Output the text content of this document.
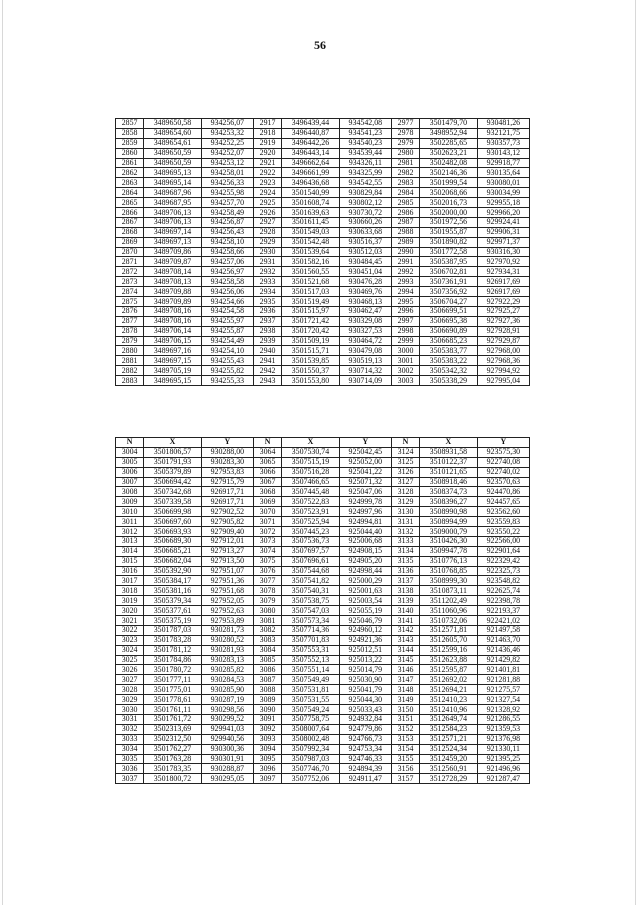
56
2857	3489650,58	934256,07	2917	3496439,44	934542,08	2977	3501479,70	930481,26
2858	3489654,60	934253,32	2918	3496440,87	934541,23	2978	3498952,94	932121,75
2859	3489654,61	934252,25	2919	3496442,26	934540,23	2979	3502285,65	930357,73
2860	3489650,59	934252,07	2920	3496443,14	934539,44	2980	3502623,21	930143,12
2861	3489650,59	934253,12	2921	3496662,64	934326,11	2981	3502482,08	929918,77
2862	3489695,13	934258,01	2922	3496661,99	934325,99	2982	3502146,36	930135,64
2863	3489695,14	934256,33	2923	3496436,68	934542,55	2983	3501999,54	930080,01
2864	3489687,96	934255,98	2924	3501540,99	930829,84	2984	3502068,66	930034,99
2865	3489687,95	934257,70	2925	3501608,74	930802,12	2985	3502016,73	929955,18
2866	3489706,13	934258,49	2926	3501639,63	930730,72	2986	3502000,00	929966,20
2867	3489706,13	934256,87	2927	3501611,45	930660,26	2987	3501972,56	929924,41
2868	3489697,14	934256,43	2928	3501549,03	930633,68	2988	3501955,87	929906,31
2869	3489697,13	934258,10	2929	3501542,48	930516,37	2989	3501890,82	929971,37
2870	3489709,86	934258,66	2930	3501539,64	930512,03	2990	3501772,58	930316,30
2871	3489709,87	934257,06	2931	3501582,16	930484,45	2991	3505387,95	927970,92
2872	3489708,14	934256,97	2932	3501560,55	930451,04	2992	3506702,81	927934,31
2873	3489708,13	934258,58	2933	3501521,68	930476,28	2993	3507361,91	926917,69
2874	3489709,88	934256,06	2934	3501517,03	930469,76	2994	3507356,92	926917,69
2875	3489709,89	934254,66	2935	3501519,49	930468,13	2995	3506704,27	927922,29
2876	3489708,16	934254,58	2936	3501515,97	930462,47	2996	3506699,51	927925,27
2877	3489708,16	934255,97	2937	3501721,42	930329,08	2997	3506695,38	927927,36
2878	3489706,14	934255,87	2938	3501720,42	930327,53	2998	3506690,89	927928,91
2879	3489706,15	934254,49	2939	3501509,19	930464,72	2999	3506685,23	927929,87
2880	3489697,16	934254,10	2940	3501515,71	930479,08	3000	3505383,77	927968,00
2881	3489697,15	934255,43	2941	3501539,85	930519,13	3001	3505383,22	927968,36
2882	3489705,19	934255,82	2942	3501550,37	930714,32	3002	3505342,32	927994,92
2883	3489695,15	934255,33	2943	3501553,80	930714,09	3003	3505338,29	927995,04
N	X	Y	N	X	Y	N	X	Y
3004	3501806,57	930288,00	3064	3507530,74	925042,45	3124	3508931,58	923575,30
3005	3501791,93	930283,30	3065	3507515,19	925052,00	3125	3510122,37	922740,08
3006	3505379,89	927953,83	3066	3507516,28	925041,22	3126	3510121,65	922740,02
3007	3506694,42	927915,79	3067	3507466,65	925071,32	3127	3508918,46	923570,63
3008	3507342,68	926917,71	3068	3507445,48	925047,06	3128	3508374,73	924470,86
3009	3507339,58	926917,71	3069	3507522,83	924999,78	3129	3508396,27	924457,65
3010	3506699,98	927902,52	3070	3507523,91	924997,96	3130	3508990,98	923562,60
3011	3506697,60	927905,82	3071	3507525,94	924994,81	3131	3508994,99	923559,83
3012	3506693,93	927909,40	3072	3507445,23	925044,40	3132	3509000,79	923550,22
3013	3506689,30	927912,01	3073	3507536,73	925006,68	3133	3510426,30	922566,00
3014	3506685,21	927913,27	3074	3507697,57	924908,15	3134	3509947,78	922901,64
3015	3506682,04	927913,50	3075	3507696,61	924905,20	3135	3510776,13	922329,42
3016	3505392,90	927951,07	3076	3507544,68	924998,44	3136	3510768,85	922325,73
3017	3505384,17	927951,36	3077	3507541,82	925000,29	3137	3508999,30	923548,82
3018	3505381,16	927951,68	3078	3507540,31	925001,63	3138	3510873,11	922625,74
3019	3505379,34	927952,05	3079	3507538,75	925003,54	3139	3511202,49	922398,78
3020	3505377,61	927952,63	3080	3507547,03	925055,19	3140	3511060,96	922193,37
3021	3505375,19	927953,89	3081	3507573,34	925046,79	3141	3510732,06	922421,02
3022	3501787,03	930281,73	3082	3507714,36	924960,12	3142	3512571,81	921497,58
3023	3501783,28	930280,52	3083	3507701,83	924921,36	3143	3512605,70	921463,70
3024	3501781,12	930281,93	3084	3507553,31	925012,51	3144	3512599,16	921436,46
3025	3501784,86	930283,13	3085	3507552,13	925013,22	3145	3512623,88	921429,82
3026	3501780,72	930285,82	3086	3507551,14	925014,79	3146	3512595,87	921401,81
3027	3501777,11	930284,53	3087	3507549,49	925030,90	3147	3512692,02	921281,88
3028	3501775,01	930285,90	3088	3507531,81	925041,79	3148	3512694,21	921275,57
3029	3501778,61	930287,19	3089	3507531,55	925044,30	3149	3512410,23	921327,54
3030	3501761,11	930298,56	3090	3507549,24	925033,43	3150	3512410,96	921328,92
3031	3501761,72	930299,52	3091	3507758,75	924932,84	3151	3512649,74	921286,55
3032	3502313,69	929941,03	3092	3508007,64	924779,86	3152	3512584,23	921359,53
3033	3502312,50	929940,56	3093	3508002,48	924766,73	3153	3512571,21	921376,98
3034	3501762,27	930300,36	3094	3507992,34	924753,34	3154	3512524,34	921330,11
3035	3501763,28	930301,91	3095	3507987,03	924746,33	3155	3512459,20	921395,25
3036	3501783,35	930288,87	3096	3507746,70	924894,39	3156	3512560,91	921496,96
3037	3501800,72	930295,05	3097	3507752,06	924911,47	3157	3512728,29	921287,47
